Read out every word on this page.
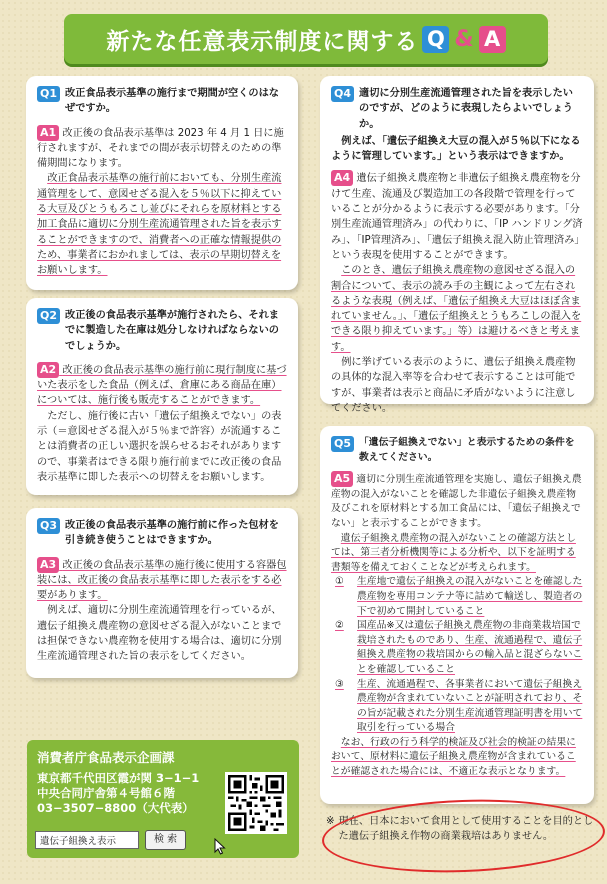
新たな任意表示制度に関する Q & A
Q1 改正食品表示基準の施行まで期間が空くのはなぜですか。
A1 改正後の食品表示基準は 2023 年 4 月 1 日に施行されますが、それまでの間が表示切替えのための準備期間になります。
改正食品表示基準の施行前においても、分別生産流通管理をして、意図せざる混入を５％以下に抑えている大豆及びとうもろこし並びにそれらを原材料とする加工食品に適切に分別生産流通管理された旨を表示することができますので、消費者への正確な情報提供のため、事業者におかれましては、表示の早期切替えをお願いします。
Q2 改正後の食品表示基準が施行されたら、それまでに製造した在庫は処分しなければならないのでしょうか。
A2 改正後の食品表示基準の施行前に現行制度に基づいた表示をした食品（例えば、倉庫にある商品在庫）については、施行後も販売することができます。
ただし、施行後に古い「遺伝子組換えでない」の表示（＝意図せざる混入が５％まで許容）が流通することは消費者の正しい選択を誤らせるおそれがありますので、事業者はできる限り施行前までに改正後の食品表示基準に即した表示への切替えをお願いします。
Q3 改正後の食品表示基準の施行前に作った包材を引き続き使うことはできますか。
A3 改正後の食品表示基準の施行後に使用する容器包装には、改正後の食品表示基準に即した表示をする必要があります。
例えば、適切に分別生産流通管理を行っているが、遺伝子組換え農産物の意図せざる混入がないことまでは担保できない農産物を使用する場合は、適切に分別生産流通管理された旨の表示をしてください。
Q4 適切に分別生産流通管理された旨を表示したいのですが、どのように表現したらよいでしょうか。
例えば、「遺伝子組換え大豆の混入が５％以下になるように管理しています。」という表示はできますか。
A4 遺伝子組換え農産物と非遺伝子組換え農産物を分けて生産、流通及び製造加工の各段階で管理を行っていることが分かるように表示する必要があります。「分別生産流通管理済み」の代わりに、「IP ハンドリング済み」、「IP管理済み」、「遺伝子組換え混入防止管理済み」という表現を使用することができます。
このとき、遺伝子組換え農産物の意図せざる混入の割合について、表示の読み手の主観によって左右されるような表現（例えば、「遺伝子組換え大豆はほぼ含まれていません。」、「遺伝子組換えとうもろこしの混入をできる限り抑えています。」等）は避けるべきと考えます。
例に挙げている表示のように、遺伝子組換え農産物の具体的な混入率等を合わせて表示することは可能ですが、事業者は表示と商品に矛盾がないように注意してください。
Q5 「遺伝子組換えでない」と表示するための条件を教えてください。
A5 適切に分別生産流通管理を実施し、遺伝子組換え農産物の混入がないことを確認した非遺伝子組換え農産物及びこれを原材料とする加工食品には、「遺伝子組換えでない」と表示することができます。
遺伝子組換え農産物の混入がないことの確認方法としては、第三者分析機関等による分析や、以下を証明する書類等を備えておくことなどが考えられます。
①	生産地で遺伝子組換えの混入がないことを確認した農産物を専用コンテナ等に詰めて輸送し、製造者の下で初めて開封していること
②	国産品※又は遺伝子組換え農産物の非商業栽培国で栽培されたものであり、生産、流通過程で、遺伝子組換え農産物の栽培国からの輸入品と混ざらないことを確認していること
③	生産、流通過程で、各事業者において遺伝子組換え農産物が含まれていないことが証明されており、その旨が記載された分別生産流通管理証明書を用いて取引を行っている場合
なお、行政の行う科学的検証及び社会的検証の結果において、原材料に遺伝子組換え農産物が含まれていることが確認された場合には、不適正な表示となります。
※ 現在、日本において食用として使用することを目的とした遺伝子組換え作物の商業栽培はありません。
消費者庁食品表示企画課
東京都千代田区霞が関 3−1−1
中央合同庁舎第４号館６階
03−3507−8800（大代表）
遺伝子組換え表示
検 索
